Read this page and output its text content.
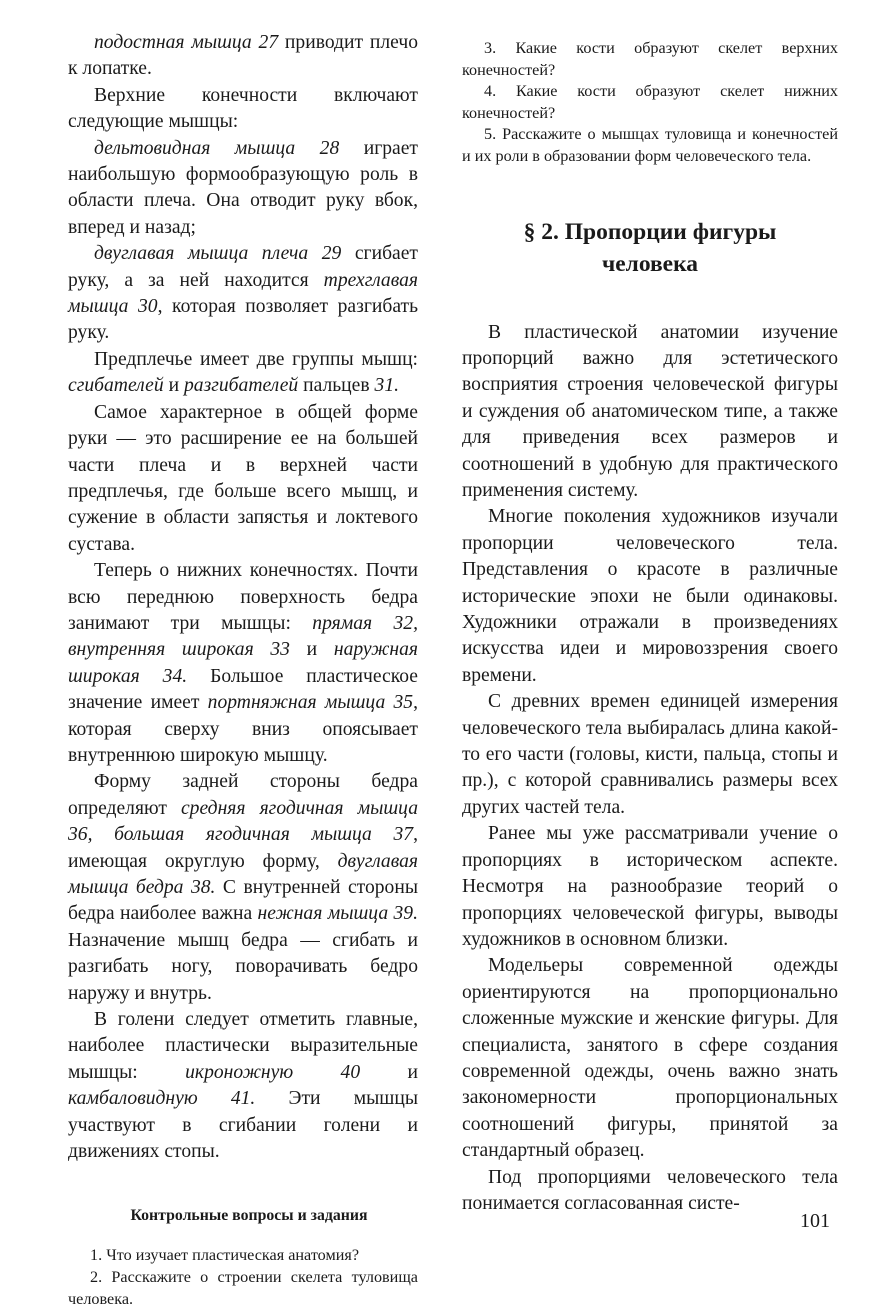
подостная мышца 27 приводит плечо к лопатке.

Верхние конечности включают следующие мышцы:

дельтовидная мышца 28 играет наибольшую формообразующую роль в области плеча. Она отводит руку вбок, вперед и назад;

двуглавая мышца плеча 29 сгибает руку, а за ней находится трехглавая мышца 30, которая позволяет разгибать руку.

Предплечье имеет две группы мышц: сгибателей и разгибателей пальцев 31.

Самое характерное в общей форме руки — это расширение ее на большей части плеча и в верхней части предплечья, где больше всего мышц, и сужение в области запястья и локтевого сустава.

Теперь о нижних конечностях. Почти всю переднюю поверхность бедра занимают три мышцы: прямая 32, внутренняя широкая 33 и наружная широкая 34. Большое пластическое значение имеет портняжная мышца 35, которая сверху вниз опоясывает внутреннюю широкую мышцу.

Форму задней стороны бедра определяют средняя ягодичная мышца 36, большая ягодичная мышца 37, имеющая округлую форму, двуглавая мышца бедра 38. С внутренней стороны бедра наиболее важна нежная мышца 39. Назначение мышц бедра — сгибать и разгибать ногу, поворачивать бедро наружу и внутрь.

В голени следует отметить главные, наиболее пластически выразительные мышцы: икроножную 40 и камбаловидную 41. Эти мышцы участвуют в сгибании голени и движениях стопы.

Контрольные вопросы и задания

1. Что изучает пластическая анатомия?

2. Расскажите о строении скелета туловища человека.

3. Какие кости образуют скелет верхних конечностей?

4. Какие кости образуют скелет нижних конечностей?

5. Расскажите о мышцах туловища и конечностей и их роли в образовании форм человеческого тела.

§ 2. Пропорции фигуры
человека

В пластической анатомии изучение пропорций важно для эстетического восприятия строения человеческой фигуры и суждения об анатомическом типе, а также для приведения всех размеров и соотношений в удобную для практического применения систему.

Многие поколения художников изучали пропорции человеческого тела. Представления о красоте в различные исторические эпохи не были одинаковы. Художники отражали в произведениях искусства идеи и мировоззрения своего времени.

С древних времен единицей измерения человеческого тела выбиралась длина какой-то его части (головы, кисти, пальца, стопы и пр.), с которой сравнивались размеры всех других частей тела.

Ранее мы уже рассматривали учение о пропорциях в историческом аспекте. Несмотря на разнообразие теорий о пропорциях человеческой фигуры, выводы художников в основном близки.

Модельеры современной одежды ориентируются на пропорционально сложенные мужские и женские фигуры. Для специалиста, занятого в сфере создания современной одежды, очень важно знать закономерности пропорциональных соотношений фигуры, принятой за стандартный образец.

Под пропорциями человеческого тела понимается согласованная систе-

101
